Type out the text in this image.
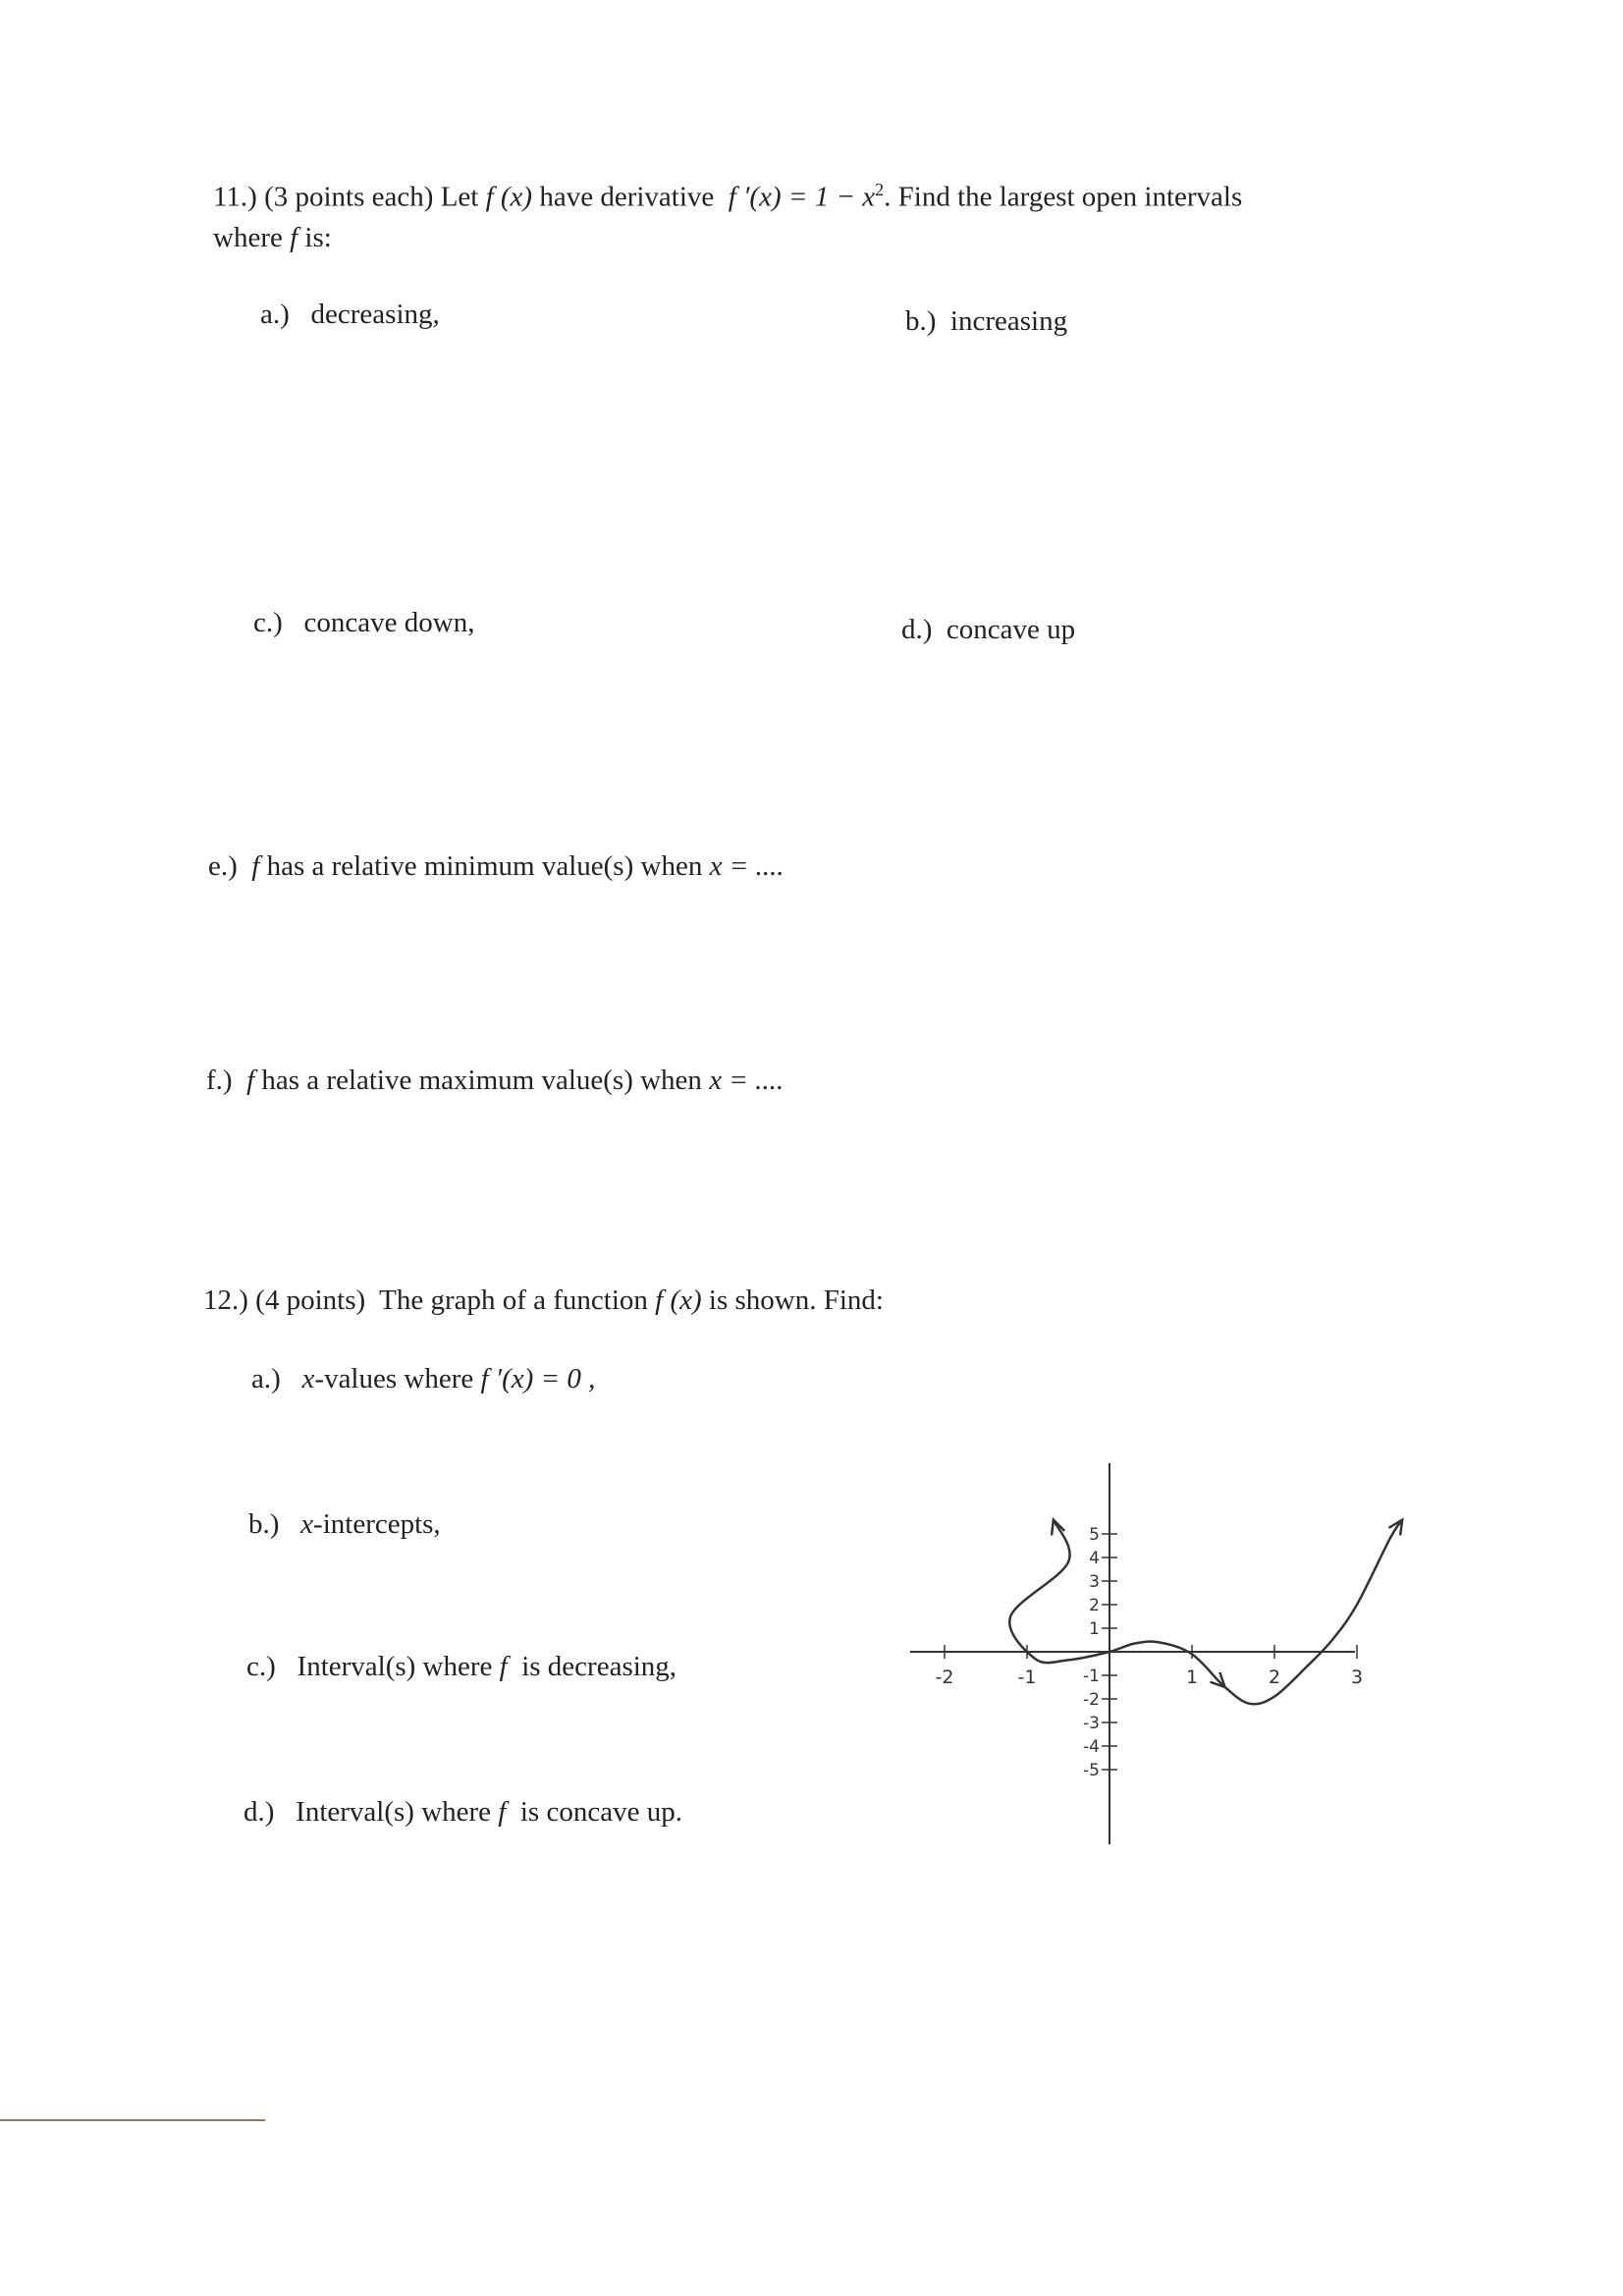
11.) (3 points each) Let f (x) have derivative f $'(x) = 1 - x^2$. Find the largest open intervals
where f is:
a.) decreasing,	b.) increasing
c.) concave down,	d.) concave up
e.) f has a relative minimum value(s) when x = ....
f.) f has a relative maximum value(s) when x = ....
12.) (4 points) The graph of a function f (x) is shown. Find:
a.) x-values where f ′(x) = 0 ,
b.) x-intercepts,
c.) Interval(s) where f is decreasing,
d.) Interval(s) where f is concave up.
-2	-1	1	2	3
5
4
3
2
1
-1
-2
-3
-4
-5
